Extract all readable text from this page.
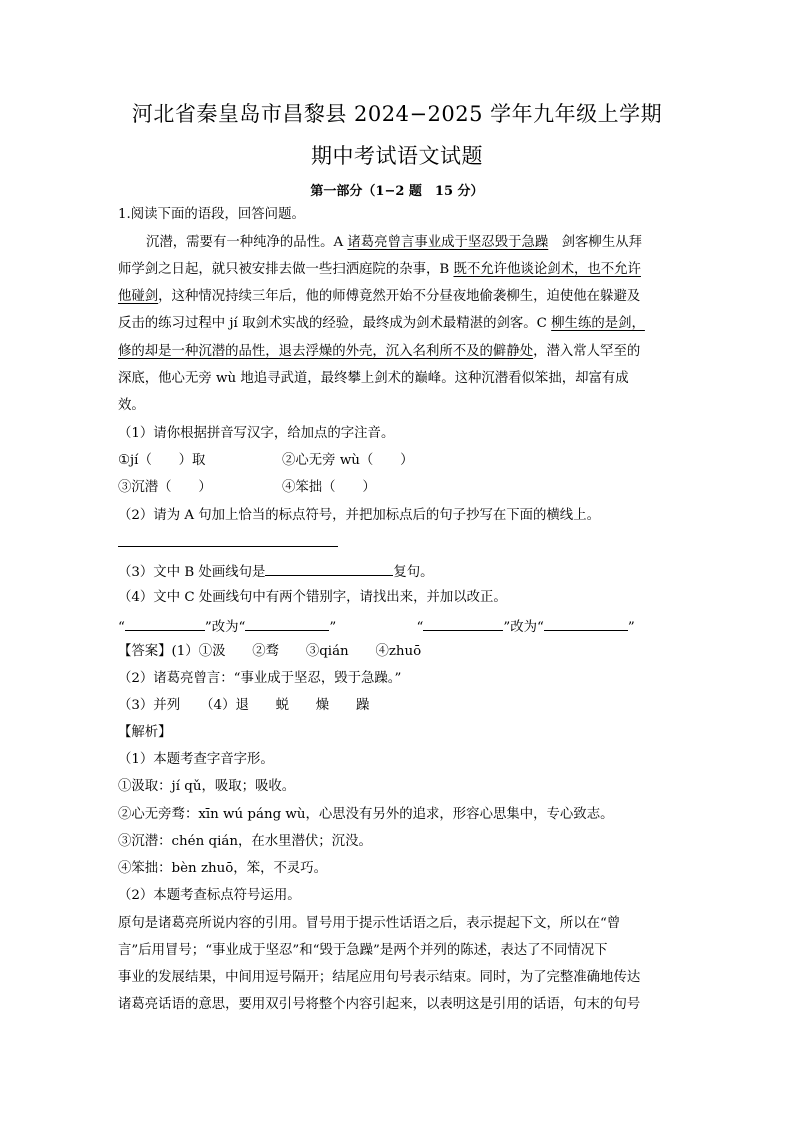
河北省秦皇岛市昌黎县 2024−2025 学年九年级上学期
期中考试语文试题
第一部分（1−2 题　15 分）
1.阅读下面的语段，回答问题。
沉潜，需要有一种纯净的品性。A 诸葛亮曾言事业成于坚忍毁于急躁　剑客柳生从拜
师学剑之日起，就只被安排去做一些扫洒庭院的杂事，B 既不允许他谈论剑术，也不允许
他碰剑，这种情况持续三年后，他的师傅竟然开始不分昼夜地偷袭柳生，迫使他在躲避及
反击的练习过程中 jí 取剑术实战的经验，最终成为剑术最精湛的剑客。C 柳生练的是剑，
修的却是一种沉潜的品性，退去浮燥的外壳，沉入名利所不及的僻静处，潜入常人罕至的
深底，他心无旁 wù 地追寻武道，最终攀上剑术的巅峰。这种沉潜看似笨拙，却富有成
效。
（1）请你根据拼音写汉字，给加点的字注音。
①jí（　　）取	②心无旁 wù（　　）
③沉潜（　　）	④笨拙（　　）
（2）请为 A 句加上恰当的标点符号，并把加标点后的句子抄写在下面的横线上。
（3）文中 B 处画线句是	复句。
（4）文中 C 处画线句中有两个错别字，请找出来，并加以改正。
“	”改为“	”　　　　　　	“	”改为“	”
【答案】(1）①汲　　②骛　　③qián　　④zhuō
（2）诸葛亮曾言：“事业成于坚忍，毁于急躁。”
（3）并列　　（4）退　　蜕　　燥　　躁
【解析】
（1）本题考查字音字形。
①汲取：jí qǔ，吸取；吸收。
②心无旁骛：xīn wú páng wù，心思没有另外的追求，形容心思集中，专心致志。
③沉潜：chén qián，在水里潜伏；沉没。
④笨拙：bèn zhuō，笨，不灵巧。
（2）本题考查标点符号运用。
原句是诸葛亮所说内容的引用。冒号用于提示性话语之后，表示提起下文，所以在“曾
言”后用冒号；“事业成于坚忍”和“毁于急躁”是两个并列的陈述，表达了不同情况下
事业的发展结果，中间用逗号隔开；结尾应用句号表示结束。同时，为了完整准确地传达
诸葛亮话语的意思，要用双引号将整个内容引起来，以表明这是引用的话语，句末的句号
